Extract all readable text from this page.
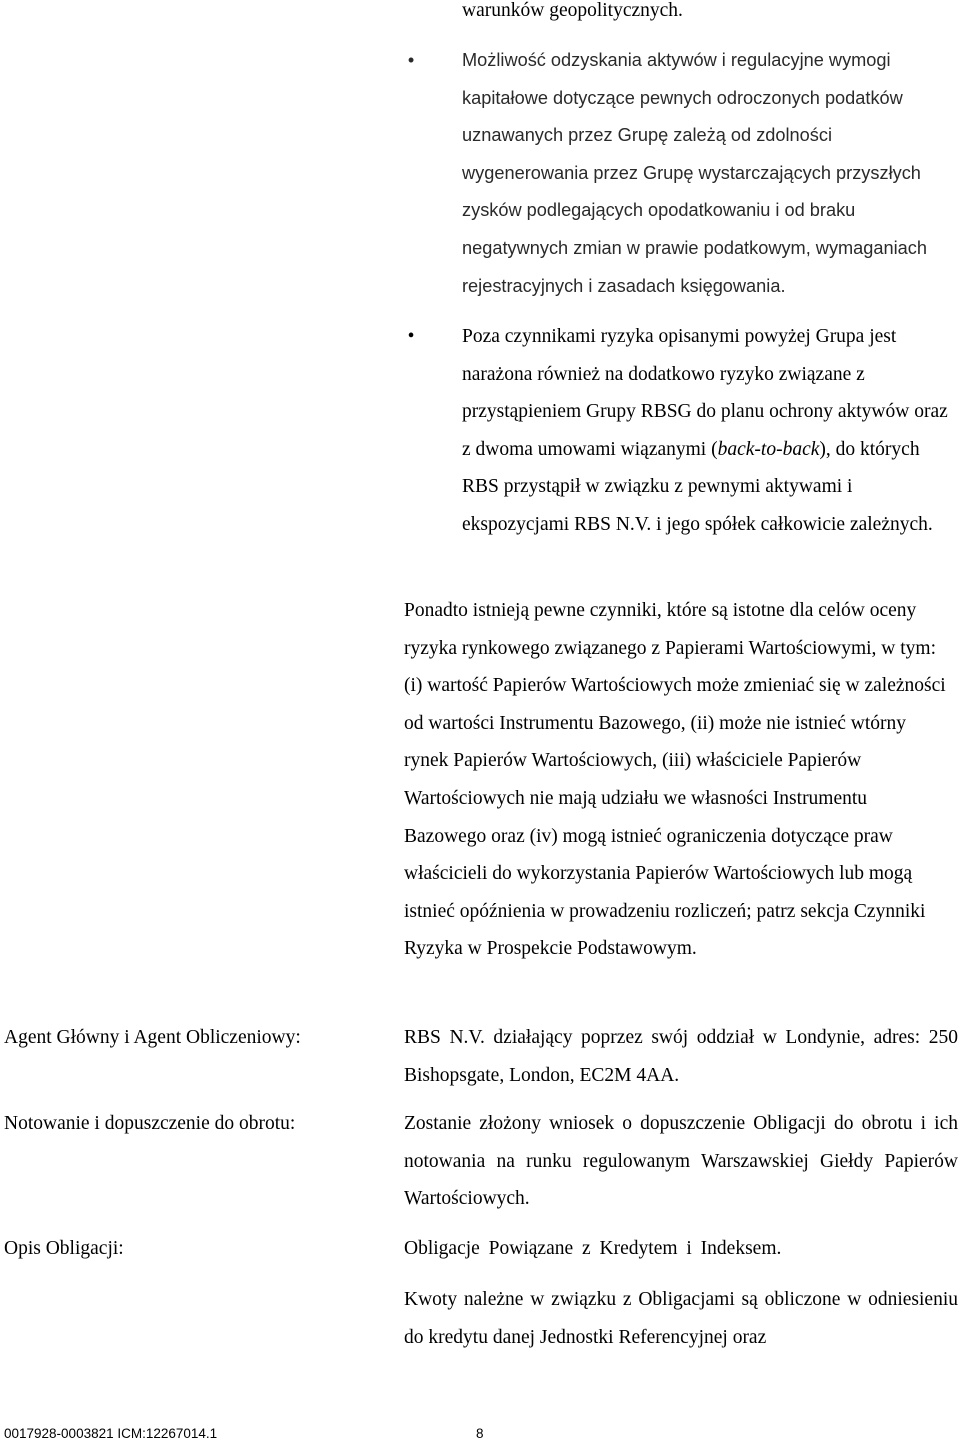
warunków geopolitycznych.

•	Możliwość odzyskania aktywów i regulacyjne wymogi kapitałowe dotyczące pewnych odroczonych podatków uznawanych przez Grupę zależą od zdolności wygenerowania przez Grupę wystarczających przyszłych zysków podlegających opodatkowaniu i od braku negatywnych zmian w prawie podatkowym, wymaganiach rejestracyjnych i zasadach księgowania.
• Poza czynnikami ryzyka opisanymi powyżej Grupa jest narażona również na dodatkowo ryzyko związane z przystąpieniem Grupy RBSG do planu ochrony aktywów oraz z dwoma umowami wiązanymi (back-to-back), do których RBS przystąpił w związku z pewnymi aktywami i ekspozycjami RBS N.V. i jego spółek całkowicie zależnych.

Ponadto istnieją pewne czynniki, które są istotne dla celów oceny ryzyka rynkowego związanego z Papierami Wartościowymi, w tym: (i) wartość Papierów Wartościowych może zmieniać się w zależności od wartości Instrumentu Bazowego, (ii) może nie istnieć wtórny rynek Papierów Wartościowych, (iii) właściciele Papierów Wartościowych nie mają udziału we własności Instrumentu Bazowego oraz (iv) mogą istnieć ograniczenia dotyczące praw właścicieli do wykorzystania Papierów Wartościowych lub mogą istnieć opóźnienia w prowadzeniu rozliczeń; patrz sekcja Czynniki Ryzyka w Prospekcie Podstawowym.

Agent Główny i Agent Obliczeniowy:	RBS N.V. działający poprzez swój oddział w Londynie, adres: 250 Bishopsgate, London, EC2M 4AA.

Notowanie i dopuszczenie do obrotu:	Zostanie złożony wniosek o dopuszczenie Obligacji do obrotu i ich notowania na runku regulowanym Warszawskiej Giełdy Papierów Wartościowych.

Opis Obligacji:	Obligacje Powiązane z Kredytem i Indeksem.

Kwoty należne w związku z Obligacjami są obliczone w odniesieniu do kredytu danej Jednostki Referencyjnej oraz

0017928-0003821 ICM:12267014.1	8
